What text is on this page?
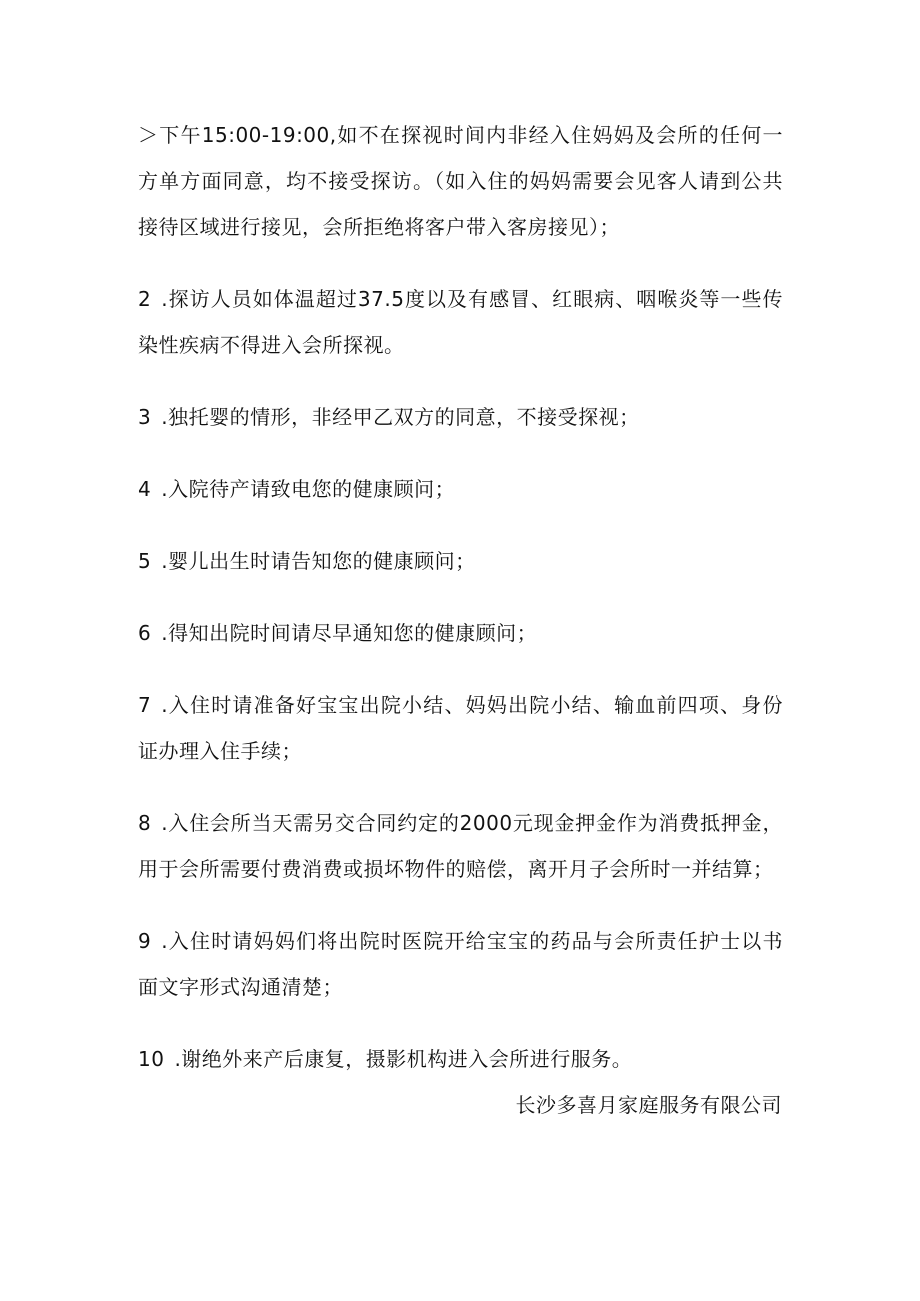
＞下午15:00-19:00,如不在探视时间内非经入住妈妈及会所的任何一方单方面同意，均不接受探访。（如入住的妈妈需要会见客人请到公共接待区域进行接见，会所拒绝将客户带入客房接见）；

2 .探访人员如体温超过37.5度以及有感冒、红眼病、咽喉炎等一些传染性疾病不得进入会所探视。

3 .独托婴的情形，非经甲乙双方的同意，不接受探视；

4 .入院待产请致电您的健康顾问；

5 .婴儿出生时请告知您的健康顾问；

6 .得知出院时间请尽早通知您的健康顾问；

7 .入住时请准备好宝宝出院小结、妈妈出院小结、输血前四项、身份证办理入住手续；

8 .入住会所当天需另交合同约定的2000元现金押金作为消费抵押金，用于会所需要付费消费或损坏物件的赔偿，离开月子会所时一并结算；

9 .入住时请妈妈们将出院时医院开给宝宝的药品与会所责任护士以书面文字形式沟通清楚；

10 .谢绝外来产后康复，摄影机构进入会所进行服务。

长沙多喜月家庭服务有限公司
